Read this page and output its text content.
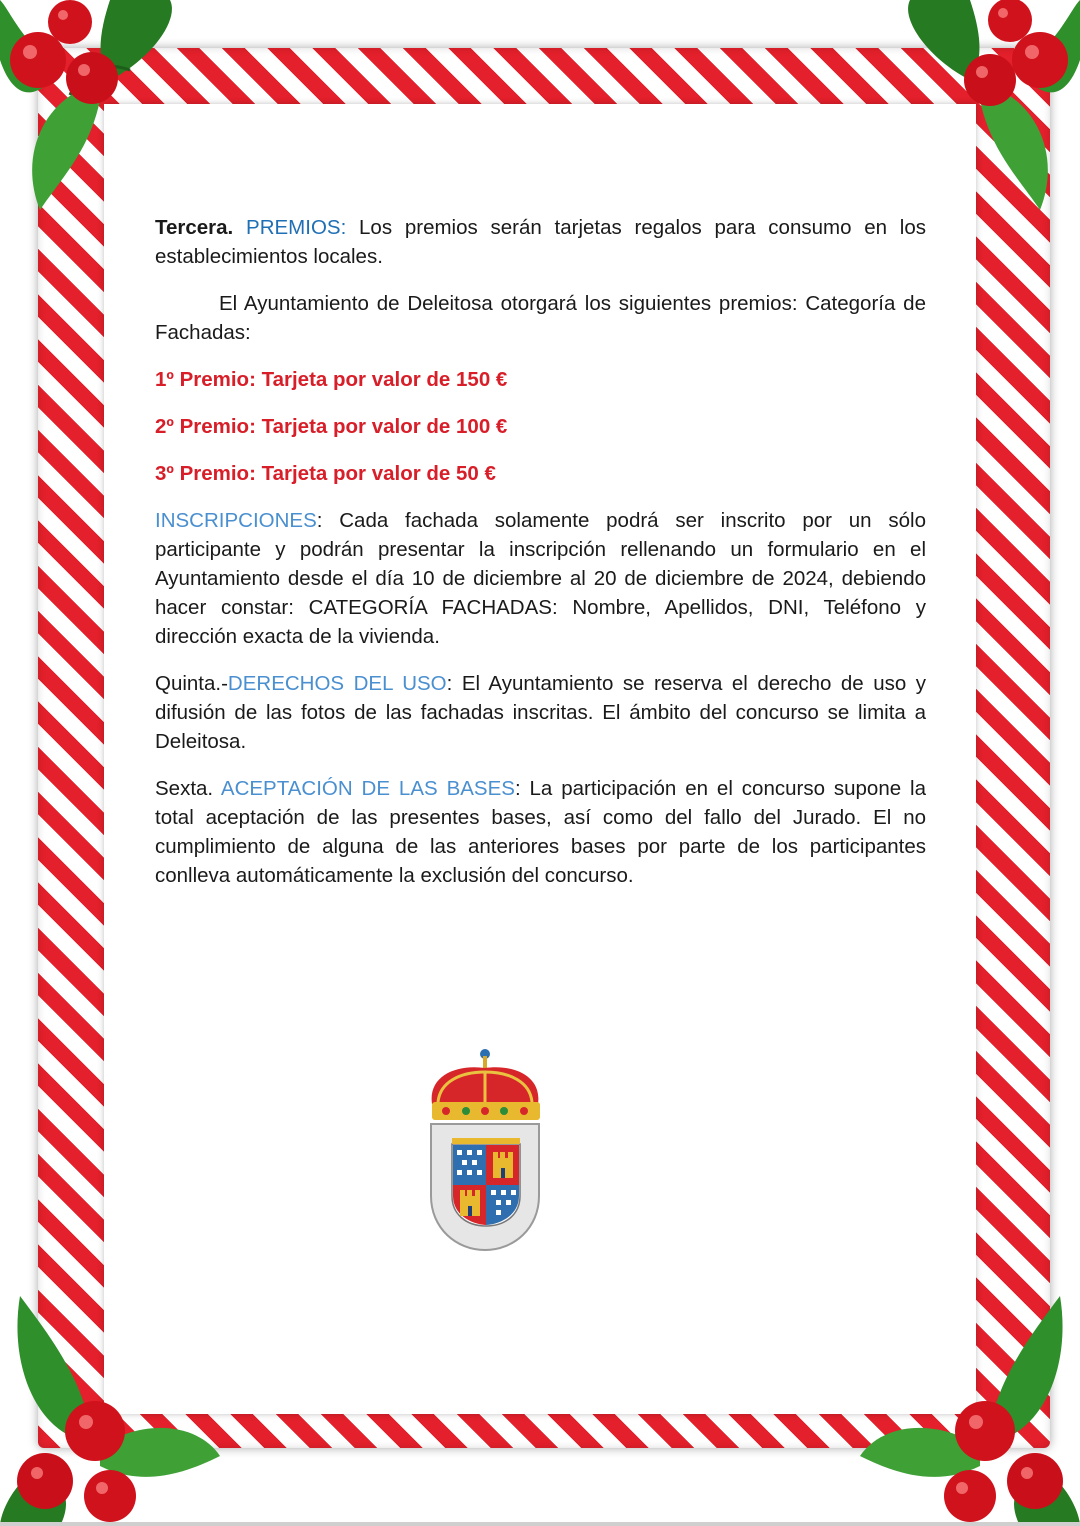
Tercera. PREMIOS: Los premios serán tarjetas regalos para consumo en los establecimientos locales.

El Ayuntamiento de Deleitosa otorgará los siguientes premios: Categoría de Fachadas:

1º Premio: Tarjeta por valor de 150 €

2º Premio: Tarjeta por valor de 100 €

3º Premio: Tarjeta por valor de 50 €

INSCRIPCIONES: Cada fachada solamente podrá ser inscrito por un sólo participante y podrán presentar la inscripción rellenando un formulario en el Ayuntamiento desde el día 10 de diciembre al 20 de diciembre de 2024, debiendo hacer constar: CATEGORÍA FACHADAS: Nombre, Apellidos, DNI, Teléfono y dirección exacta de la vivienda.

Quinta.-DERECHOS DEL USO: El Ayuntamiento se reserva el derecho de uso y difusión de las fotos de las fachadas inscritas. El ámbito del concurso se limita a Deleitosa.

Sexta. ACEPTACIÓN DE LAS BASES: La participación en el concurso supone la total aceptación de las presentes bases, así como del fallo del Jurado. El no cumplimiento de alguna de las anteriores bases por parte de los participantes conlleva automáticamente la exclusión del concurso.
